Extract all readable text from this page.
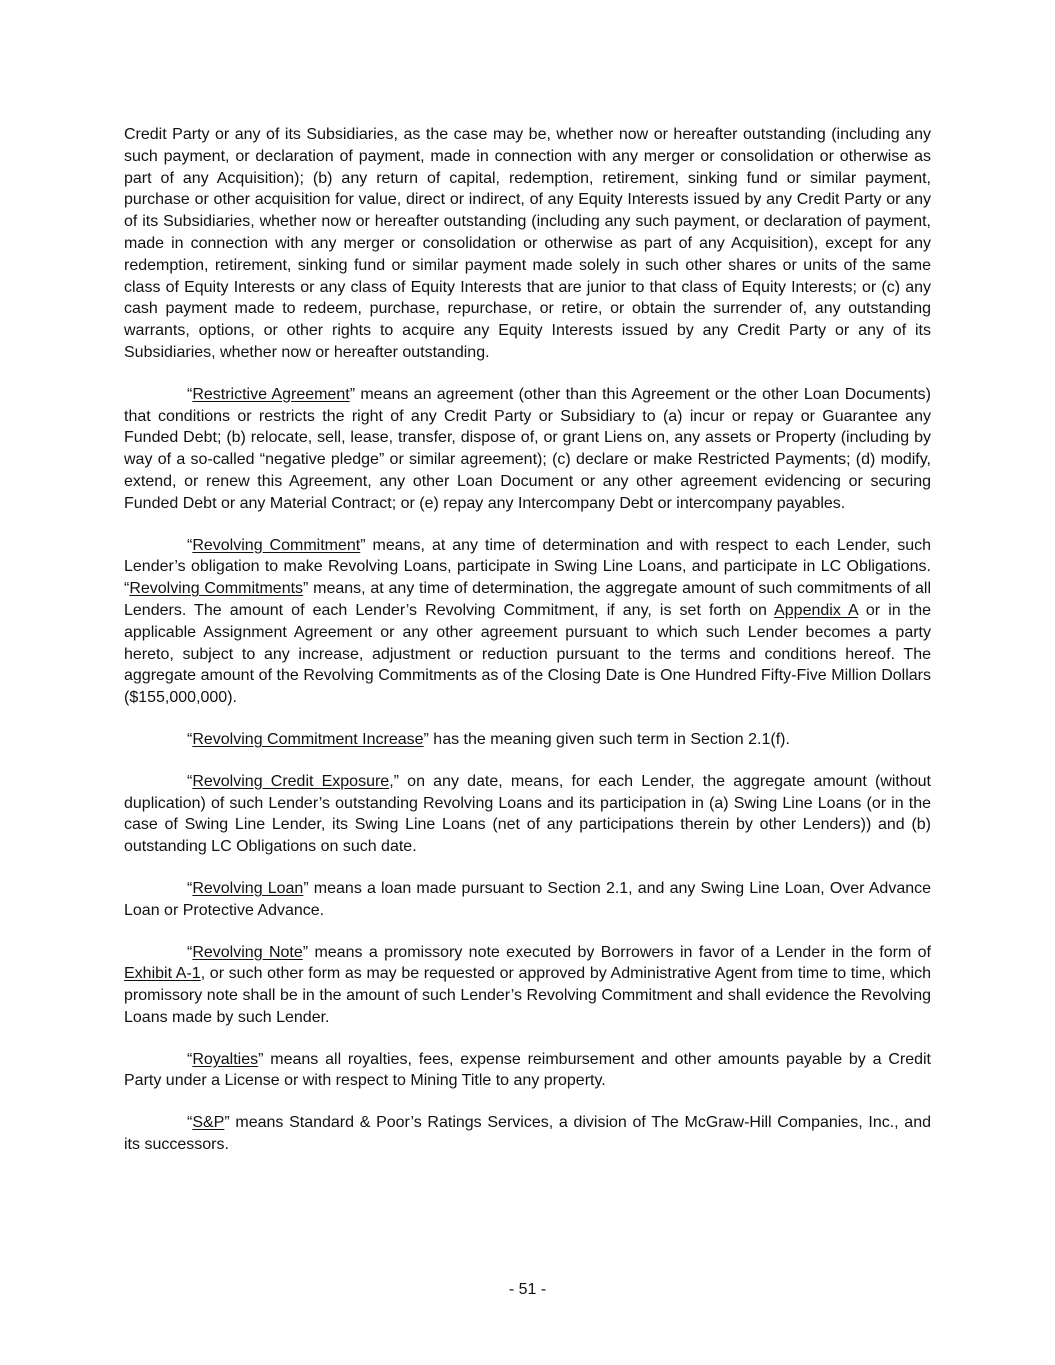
Credit Party or any of its Subsidiaries, as the case may be, whether now or hereafter outstanding (including any such payment, or declaration of payment, made in connection with any merger or consolidation or otherwise as part of any Acquisition); (b) any return of capital, redemption, retirement, sinking fund or similar payment, purchase or other acquisition for value, direct or indirect, of any Equity Interests issued by any Credit Party or any of its Subsidiaries, whether now or hereafter outstanding (including any such payment, or declaration of payment, made in connection with any merger or consolidation or otherwise as part of any Acquisition), except for any redemption, retirement, sinking fund or similar payment made solely in such other shares or units of the same class of Equity Interests or any class of Equity Interests that are junior to that class of Equity Interests; or (c) any cash payment made to redeem, purchase, repurchase, or retire, or obtain the surrender of, any outstanding warrants, options, or other rights to acquire any Equity Interests issued by any Credit Party or any of its Subsidiaries, whether now or hereafter outstanding.

“Restrictive Agreement” means an agreement (other than this Agreement or the other Loan Documents) that conditions or restricts the right of any Credit Party or Subsidiary to (a) incur or repay or Guarantee any Funded Debt; (b) relocate, sell, lease, transfer, dispose of, or grant Liens on, any assets or Property (including by way of a so-called “negative pledge” or similar agreement); (c) declare or make Restricted Payments; (d) modify, extend, or renew this Agreement, any other Loan Document or any other agreement evidencing or securing Funded Debt or any Material Contract; or (e) repay any Intercompany Debt or intercompany payables.

“Revolving Commitment” means, at any time of determination and with respect to each Lender, such Lender’s obligation to make Revolving Loans, participate in Swing Line Loans, and participate in LC Obligations. “Revolving Commitments” means, at any time of determination, the aggregate amount of such commitments of all Lenders. The amount of each Lender’s Revolving Commitment, if any, is set forth on Appendix A or in the applicable Assignment Agreement or any other agreement pursuant to which such Lender becomes a party hereto, subject to any increase, adjustment or reduction pursuant to the terms and conditions hereof. The aggregate amount of the Revolving Commitments as of the Closing Date is One Hundred Fifty-Five Million Dollars ($155,000,000).

“Revolving Commitment Increase” has the meaning given such term in Section 2.1(f).

“Revolving Credit Exposure,” on any date, means, for each Lender, the aggregate amount (without duplication) of such Lender’s outstanding Revolving Loans and its participation in (a) Swing Line Loans (or in the case of Swing Line Lender, its Swing Line Loans (net of any participations therein by other Lenders)) and (b) outstanding LC Obligations on such date.

“Revolving Loan” means a loan made pursuant to Section 2.1, and any Swing Line Loan, Over Advance Loan or Protective Advance.

“Revolving Note” means a promissory note executed by Borrowers in favor of a Lender in the form of Exhibit A-1, or such other form as may be requested or approved by Administrative Agent from time to time, which promissory note shall be in the amount of such Lender’s Revolving Commitment and shall evidence the Revolving Loans made by such Lender.

“Royalties” means all royalties, fees, expense reimbursement and other amounts payable by a Credit Party under a License or with respect to Mining Title to any property.

“S&P” means Standard & Poor’s Ratings Services, a division of The McGraw-Hill Companies, Inc., and its successors.

- 51 -
